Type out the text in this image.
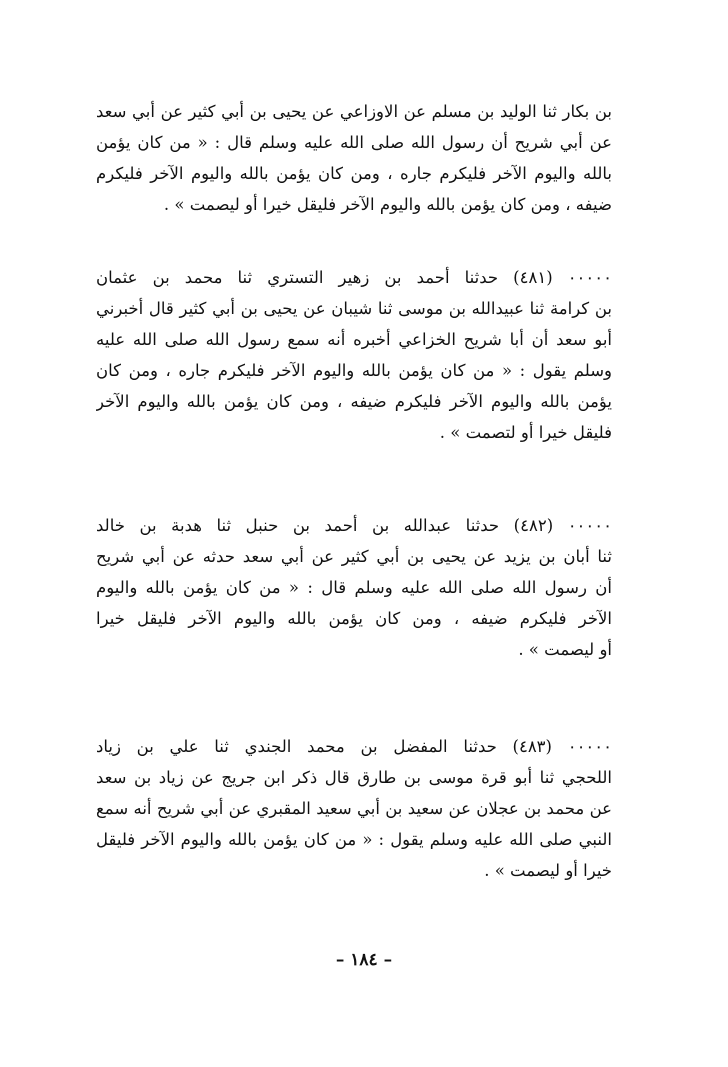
بن بكار ثنا الوليد بن مسلم عن الاوزاعي عن يحيى بن أبي كثير عن أبي سعد
عن أبي شريح أن رسول الله صلى الله عليه وسلم قال : « من كان يؤمن
بالله واليوم الآخر فليكرم جاره ، ومن كان يؤمن بالله واليوم الآخر فليكرم
ضيفه ، ومن كان يؤمن بالله واليوم الآخر فليقل خيرا أو ليصمت » .
٠٠٠٠٠ (٤٨١) حدثنا أحمد بن زهير التستري ثنا محمد بن عثمان
بن كرامة ثنا عبيدالله بن موسى ثنا شيبان عن يحيى بن أبي كثير قال أخبرني
أبو سعد أن أبا شريح الخزاعي أخبره أنه سمع رسول الله صلى الله عليه
وسلم يقول : « من كان يؤمن بالله واليوم الآخر فليكرم جاره ، ومن كان
يؤمن بالله واليوم الآخر فليكرم ضيفه ، ومن كان يؤمن بالله واليوم الآخر
فليقل خيرا أو لتصمت » .
٠٠٠٠٠ (٤٨٢) حدثنا عبدالله بن أحمد بن حنبل ثنا هدبة بن خالد
ثنا أبان بن يزيد عن يحيى بن أبي كثير عن أبي سعد حدثه عن أبي شريح
أن رسول الله صلى الله عليه وسلم قال : « من كان يؤمن بالله واليوم
الآخر فليكرم ضيفه ، ومن كان يؤمن بالله واليوم الآخر فليقل خيرا
أو ليصمت » .
٠٠٠٠٠ (٤٨٣) حدثنا المفضل بن محمد الجندي ثنا علي بن زياد
اللحجي ثنا أبو قرة موسى بن طارق قال ذكر ابن جريج عن زياد بن سعد
عن محمد بن عجلان عن سعيد بن أبي سعيد المقبري عن أبي شريح أنه سمع
النبي صلى الله عليه وسلم يقول : « من كان يؤمن بالله واليوم الآخر فليقل
خيرا أو ليصمت » .
– ١٨٤ –
